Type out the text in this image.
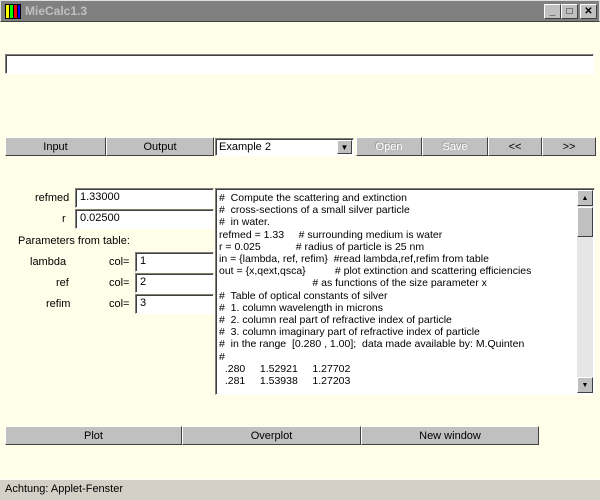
MieCalc1.3	_ □ ✕
Input	Output	Example 2	▼	Open	Save	<<	>>
refmed 1.33000
r	0.02500
Parameters from table:
lambda	col= 1
ref	col= 2
refim	col= 3
#  Compute the scattering and extinction
#  cross-sections of a small silver particle
#  in water.
refmed = 1.33     # surrounding medium is water
r = 0.025            # radius of particle is 25 nm
in = {lambda, ref, refim}  #read lambda,ref,refim from table
out = {x,qext,qsca}          # plot extinction and scattering efficiencies
# as functions of the size parameter x
#  Table of optical constants of silver
#  1. column wavelength in microns
#  2. column real part of refractive index of particle
#  3. column imaginary part of refractive index of particle
#  in the range  [0.280 , 1.00];  data made available by: M.Quinten
#
.280     1.52921     1.27702
.281     1.53938     1.27203
▲
▼
Plot	Overplot	New window
Achtung: Applet-Fenster
